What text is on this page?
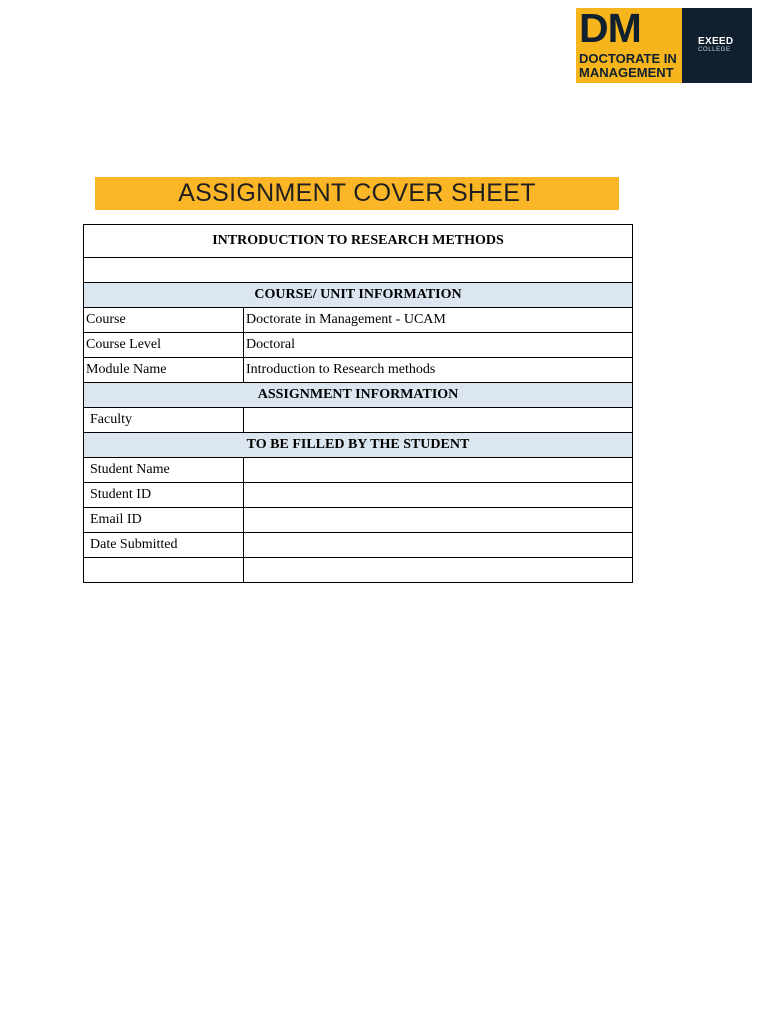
DM
DOCTORATE IN
MANAGEMENT
EXEED
COLLEGE
ASSIGNMENT COVER SHEET
INTRODUCTION TO RESEARCH METHODS	

COURSE/ UNIT INFORMATION	
Course	Doctorate in Management - UCAM
Course Level	Doctoral
Module Name	Introduction to Research methods
ASSIGNMENT INFORMATION	
Faculty	
TO BE FILLED BY THE STUDENT	
Student Name	
Student ID	
Email ID	
Date Submitted	
